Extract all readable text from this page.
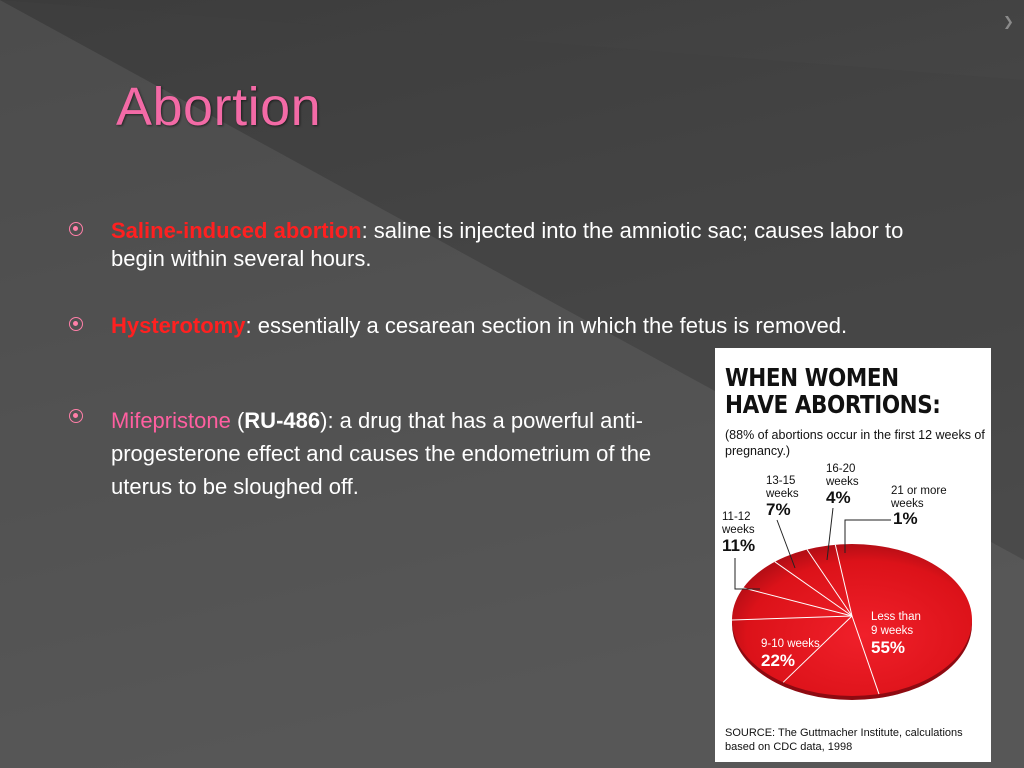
❯
Abortion
Saline-induced abortion: saline is injected into the amniotic sac; causes labor to begin within several hours.
Hysterotomy: essentially a cesarean section in which the fetus is removed.
Mifepristone (RU-486): a drug that has a powerful anti-progesterone effect and causes the endometrium of the uterus to be sloughed off.
WHEN WOMEN
HAVE ABORTIONS:
(88% of abortions occur in the first 12 weeks of pregnancy.)
Less than
9 weeks
55%
9-10 weeks
22%
11-12
weeks
11%
13-15
weeks
7%
16-20
weeks
4%	21 or more
weeks
1%
SOURCE: The Guttmacher Institute, calculations based on CDC data, 1998
